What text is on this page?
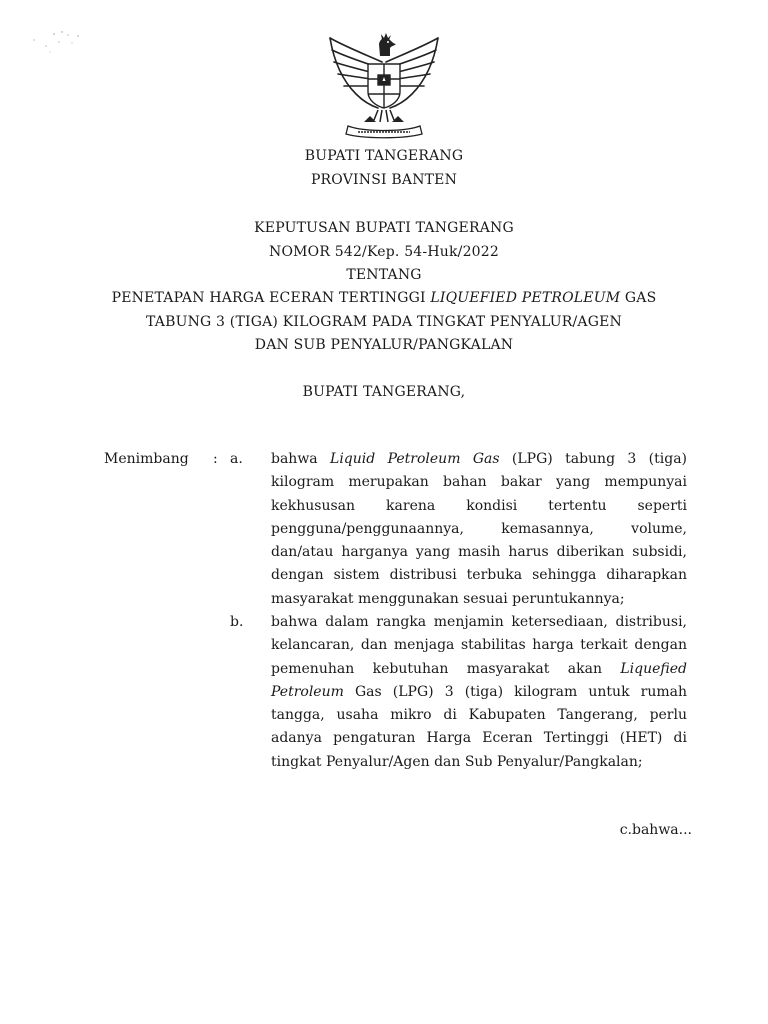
BUPATI TANGERANG
PROVINSI BANTEN
KEPUTUSAN BUPATI TANGERANG
NOMOR 542/Kep. 54-Huk/2022
TENTANG
PENETAPAN HARGA ECERAN TERTINGGI LIQUEFIED PETROLEUM GAS
TABUNG 3 (TIGA) KILOGRAM PADA TINGKAT PENYALUR/AGEN
DAN SUB PENYALUR/PANGKALAN
BUPATI TANGERANG,
Menimbang : a. bahwa Liquid Petroleum Gas (LPG) tabung 3 (tiga)
kilogram merupakan bahan bakar yang mempunyai
kekhususan karena kondisi tertentu seperti
pengguna/penggunaannya, kemasannya, volume,
dan/atau harganya yang masih harus diberikan subsidi,
dengan sistem distribusi terbuka sehingga diharapkan
masyarakat menggunakan sesuai peruntukannya;
b. bahwa dalam rangka menjamin ketersediaan, distribusi,
kelancaran, dan menjaga stabilitas harga terkait dengan
pemenuhan kebutuhan masyarakat akan Liquefied
Petroleum Gas (LPG) 3 (tiga) kilogram untuk rumah
tangga, usaha mikro di Kabupaten Tangerang, perlu
adanya pengaturan Harga Eceran Tertinggi (HET) di
tingkat Penyalur/Agen dan Sub Penyalur/Pangkalan;
c.bahwa...
